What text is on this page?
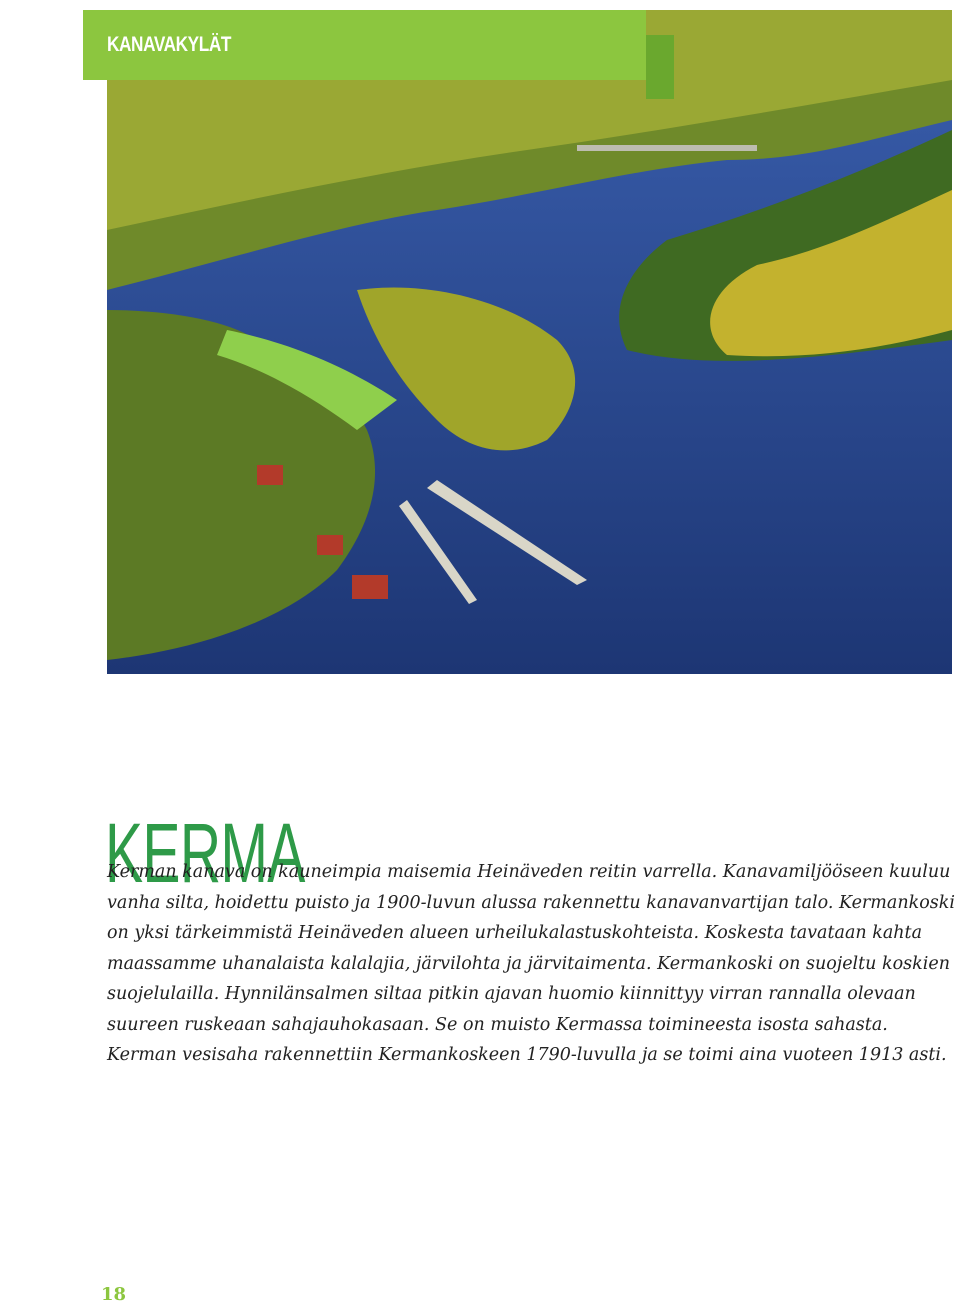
KANAVAKYLÄT
KERMA

Kerman kanava on kauneimpia maisemia Heinäveden reitin varrella. Kanavamiljööseen kuuluu vanha silta, hoidettu puisto ja 1900-luvun alussa rakennettu kanavanvartijan talo. Kermankoski on yksi tärkeimmistä Heinäveden alueen urheilukalastuskohteista. Koskesta tavataan kahta maassamme uhanalaista kalalajia, järvilohta ja järvitaimenta. Kermankoski on suojeltu koskien suojelulailla. Hynnilänsalmen siltaa pitkin ajavan huomio kiinnittyy virran rannalla olevaan suureen ruskeaan sahajauhokasaan. Se on muisto Kermassa toimineesta isosta sahasta. Kerman vesisaha rakennettiin Kermankoskeen 1790-luvulla ja se toimi aina vuoteen 1913 asti.

18
